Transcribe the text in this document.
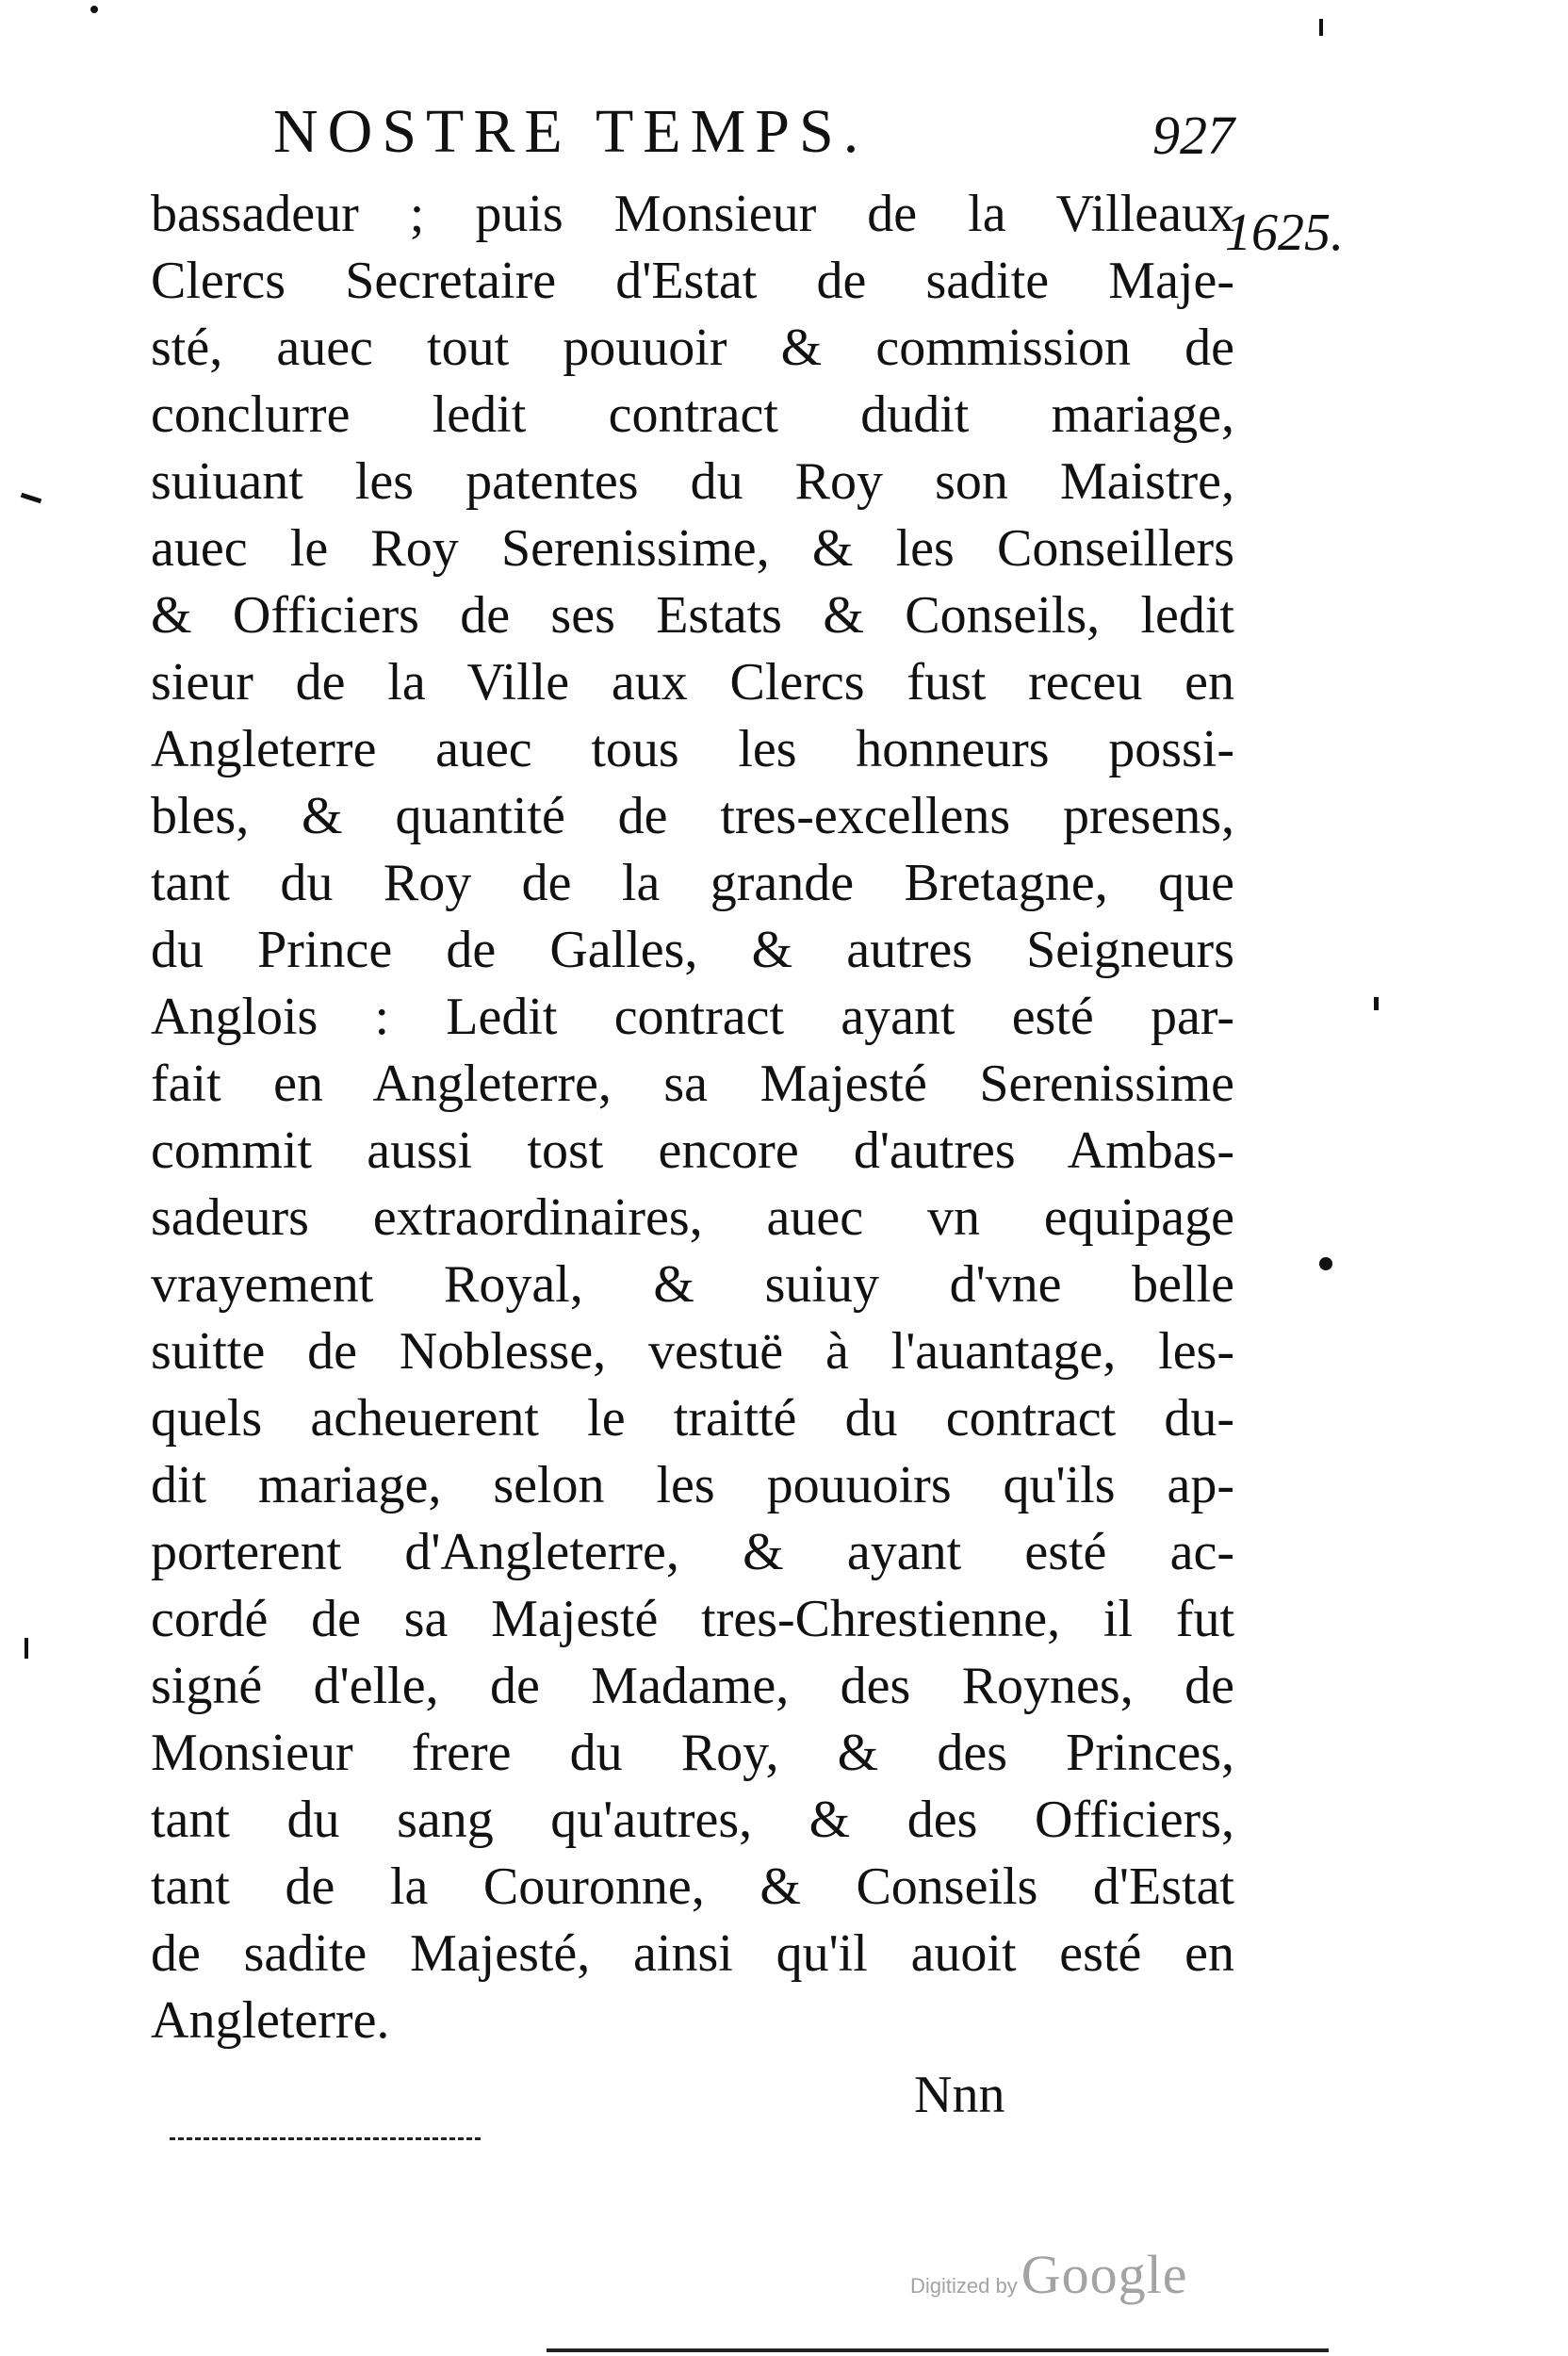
NOSTRE TEMPS.	927
1625.
bassadeur ; puis Monsieur de la Villeaux
Clercs Secretaire d'Estat de sadite Maje-
sté, auec tout pouuoir & commission de
conclurre ledit contract dudit mariage,
suiuant les patentes du Roy son Maistre,
auec le Roy Serenissime, & les Conseillers
& Officiers de ses Estats & Conseils, ledit
sieur de la Ville aux Clercs fust receu en
Angleterre auec tous les honneurs possi-
bles, & quantité de tres-excellens presens,
tant du Roy de la grande Bretagne, que
du Prince de Galles, & autres Seigneurs
Anglois : Ledit contract ayant esté par-
fait en Angleterre, sa Majesté Serenissime
commit aussi tost encore d'autres Ambas-
sadeurs extraordinaires, auec vn equipage
vrayement Royal, & suiuy d'vne belle
suitte de Noblesse, vestuë à l'auantage, les-
quels acheuerent le traitté du contract du-
dit mariage, selon les pouuoirs qu'ils ap-
porterent d'Angleterre, & ayant esté ac-
cordé de sa Majesté tres-Chrestienne, il fut
signé d'elle, de Madame, des Roynes, de
Monsieur frere du Roy, & des Princes,
tant du sang qu'autres, & des Officiers,
tant de la Couronne, & Conseils d'Estat
de sadite Majesté, ainsi qu'il auoit esté en
Angleterre.
Nnn
Digitized by Google
